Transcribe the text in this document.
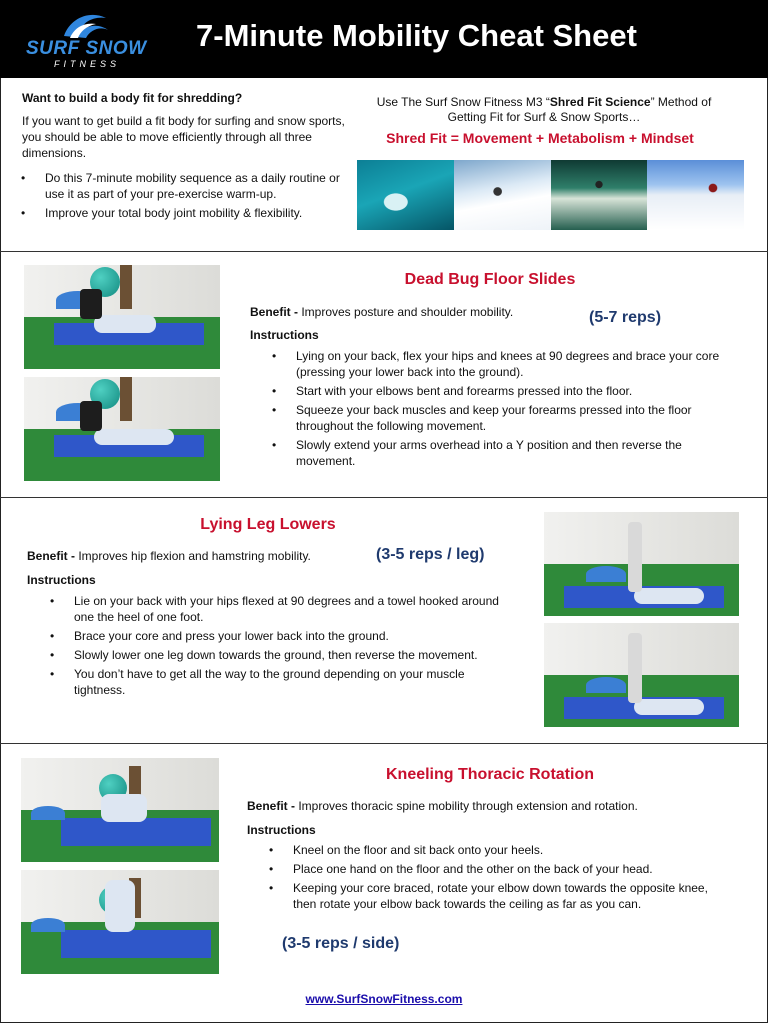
SURF SNOW
FITNESS
7-Minute Mobility Cheat Sheet
Want to build a body fit for shredding?
If you want to get build a fit body for surfing and snow sports, you should be able to move efficiently through all three dimensions.
• Do this 7-minute mobility sequence as a daily routine or use it as part of your pre-exercise warm-up.
• Improve your total body joint mobility & flexibility.
Use The Surf Snow Fitness M3 “Shred Fit Science” Method of Getting Fit for Surf & Snow Sports…
Shred Fit = Movement + Metabolism + Mindset
Dead Bug Floor Slides
Benefit - Improves posture and shoulder mobility.	(5-7 reps)
Instructions
• Lying on your back, flex your hips and knees at 90 degrees and brace your core (pressing your lower back into the ground).
• Start with your elbows bent and forearms pressed into the floor.
• Squeeze your back muscles and keep your forearms pressed into the floor throughout the following movement.
• Slowly extend your arms overhead into a Y position and then reverse the movement.
Lying Leg Lowers
Benefit - Improves hip flexion and hamstring mobility.	(3-5 reps / leg)
Instructions
• Lie on your back with your hips flexed at 90 degrees and a towel hooked around one the heel of one foot.
• Brace your core and press your lower back into the ground.
• Slowly lower one leg down towards the ground, then reverse the movement.
• You don’t have to get all the way to the ground depending on your muscle tightness.
Kneeling Thoracic Rotation
Benefit - Improves thoracic spine mobility through extension and rotation.
Instructions
• Kneel on the floor and sit back onto your heels.
• Place one hand on the floor and the other on the back of your head.
• Keeping your core braced, rotate your elbow down towards the opposite knee, then rotate your elbow back towards the ceiling as far as you can.
(3-5 reps / side)
www.SurfSnowFitness.com
